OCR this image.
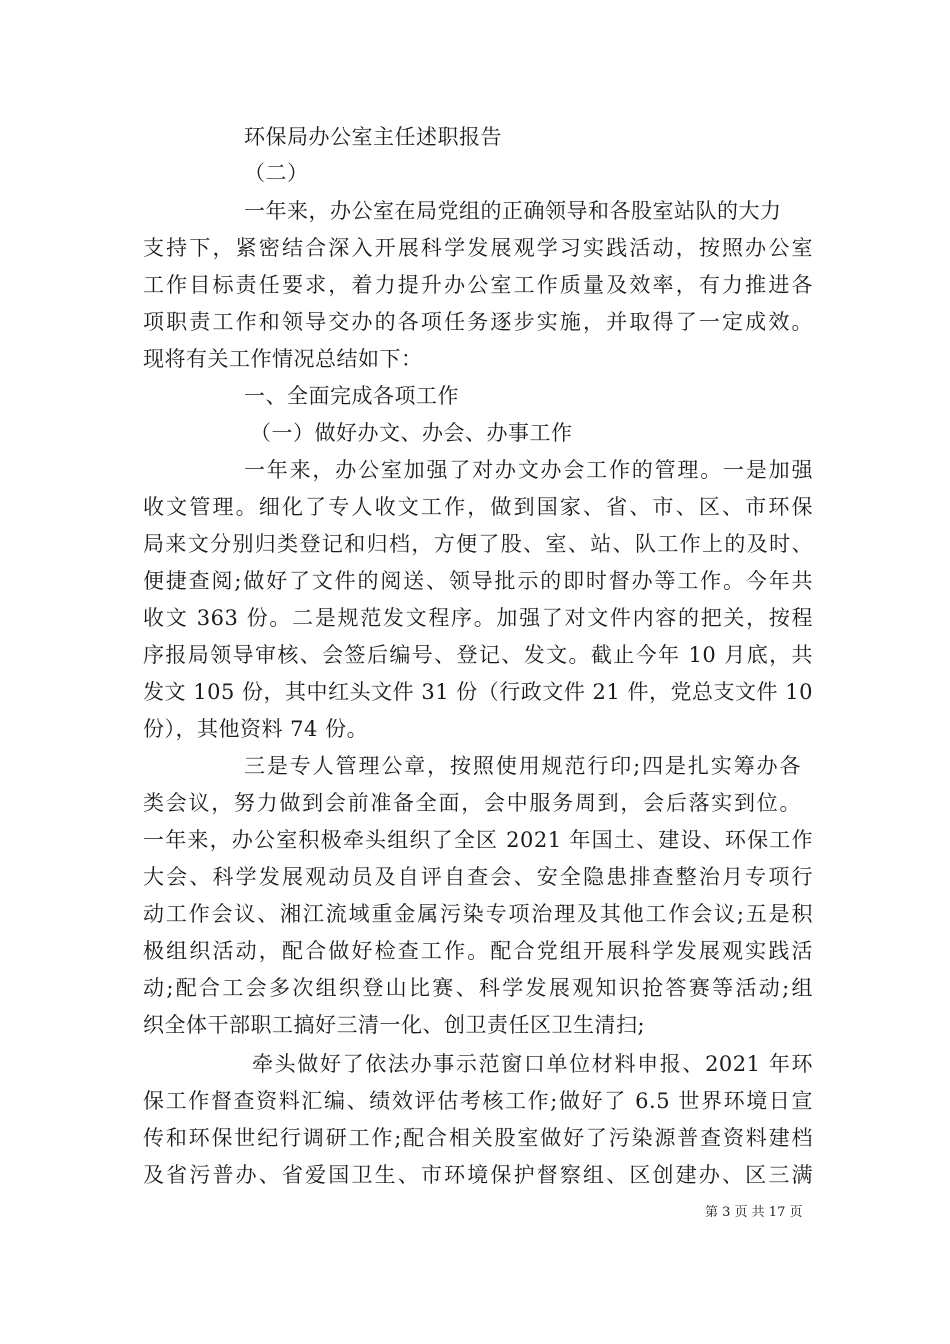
环保局办公室主任述职报告
（二）
一年来，办公室在局党组的正确领导和各股室站队的大力
支持下，紧密结合深入开展科学发展观学习实践活动，按照办公室
工作目标责任要求，着力提升办公室工作质量及效率，有力推进各
项职责工作和领导交办的各项任务逐步实施，并取得了一定成效。
现将有关工作情况总结如下：
一、全面完成各项工作
（一）做好办文、办会、办事工作
一年来，办公室加强了对办文办会工作的管理。一是加强
收文管理。细化了专人收文工作，做到国家、省、市、区、市环保
局来文分别归类登记和归档，方便了股、室、站、队工作上的及时、
便捷查阅;做好了文件的阅送、领导批示的即时督办等工作。今年共
收文 363 份。二是规范发文程序。加强了对文件内容的把关，按程
序报局领导审核、会签后编号、登记、发文。截止今年 10 月底，共
发文 105 份，其中红头文件 31 份（行政文件 21 件，党总支文件 10
份），其他资料 74 份。
三是专人管理公章，按照使用规范行印;四是扎实筹办各
类会议，努力做到会前准备全面，会中服务周到，会后落实到位。
一年来，办公室积极牵头组织了全区 2021 年国土、建设、环保工作
大会、科学发展观动员及自评自查会、安全隐患排查整治月专项行
动工作会议、湘江流域重金属污染专项治理及其他工作会议;五是积
极组织活动，配合做好检查工作。配合党组开展科学发展观实践活
动;配合工会多次组织登山比赛、科学发展观知识抢答赛等活动;组
织全体干部职工搞好三清一化、创卫责任区卫生清扫;
牵头做好了依法办事示范窗口单位材料申报、2021 年环
保工作督查资料汇编、绩效评估考核工作;做好了 6.5 世界环境日宣
传和环保世纪行调研工作;配合相关股室做好了污染源普查资料建档
及省污普办、省爱国卫生、市环境保护督察组、区创建办、区三满
第 3 页 共 17 页
